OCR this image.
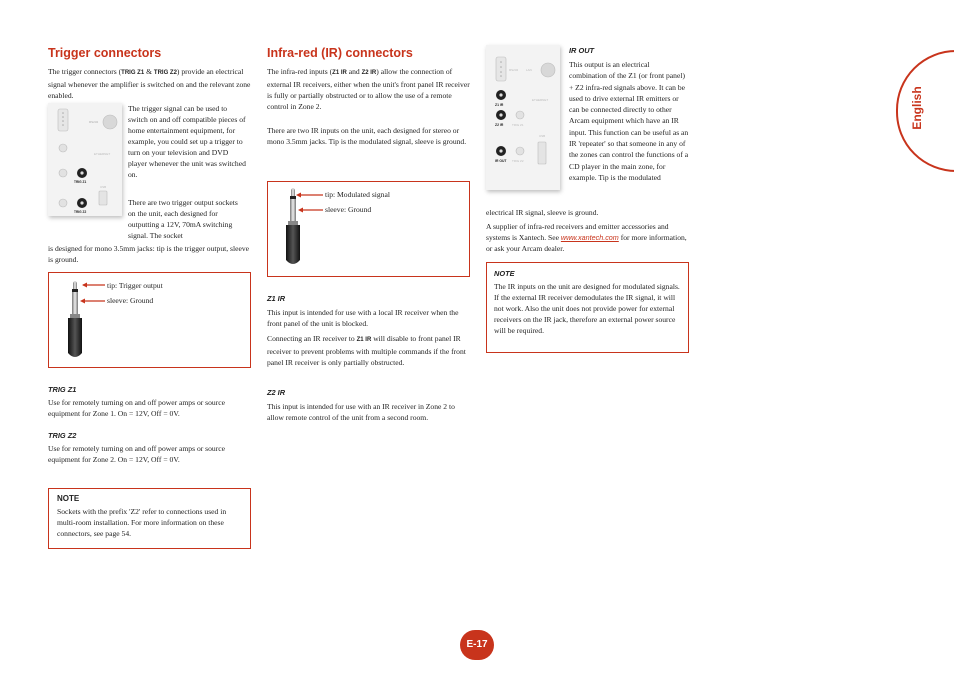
English
Trigger connectors

The trigger connectors (TRIG Z1 & TRIG Z2) provide an electrical signal whenever the amplifier is switched on and the relevant zone enabled.

RS232
ETHERNET
TRIG Z1
USB
TRIG Z2

The trigger signal can be used to switch on and off compatible pieces of home entertainment equipment, for example, you could set up a trigger to turn on your television and DVD player whenever the unit was switched on.

There are two trigger output sockets on the unit, each designed for outputting a 12V, 70mA switching signal. The socket

is designed for mono 3.5mm jacks: tip is the trigger output, sleeve is ground.

tip: Trigger output
sleeve: Ground

TRIG Z1

Use for remotely turning on and off power amps or source equipment for Zone 1. On = 12V, Off = 0V.

TRIG Z2

Use for remotely turning on and off power amps or source equipment for Zone 2. On = 12V, Off = 0V.

NOTE

Sockets with the prefix 'Z2' refer to connections used in multi-room installation. For more information on these connectors, see page 54.

Infra-red (IR) connectors

The infra-red inputs (Z1 IR and Z2 IR) allow the connection of external IR receivers, either when the unit's front panel IR receiver is fully or partially obstructed or to allow the use of a remote control in Zone 2.

There are two IR inputs on the unit, each designed for stereo or mono 3.5mm jacks. Tip is the modulated signal, sleeve is ground.

tip: Modulated signal
sleeve: Ground

Z1 IR

This input is intended for use with a local IR receiver when the front panel of the unit is blocked.

Connecting an IR receiver to Z1 IR will disable to front panel IR receiver to prevent problems with multiple commands if the front panel IR receiver is only partially obstructed.

Z2 IR

This input is intended for use with an IR receiver in Zone 2 to allow remote control of the unit from a second room.

RS232	LAN
Z1 IR
ETHERNET
Z2 IR	TRIG Z1
USB
IR OUT	TRIG Z2

IR OUT

This output is an electrical combination of the Z1 (or front panel) + Z2 infra-red signals above. It can be used to drive external IR emitters or can be connected directly to other Arcam equipment which have an IR input. This function can be useful as an IR 'repeater' so that someone in any of the zones can control the functions of a CD player in the main zone, for example. Tip is the modulated

electrical IR signal, sleeve is ground.

A supplier of infra-red receivers and emitter accessories and systems is Xantech. See www.xantech.com for more information, or ask your Arcam dealer.

NOTE

The IR inputs on the unit are designed for modulated signals. If the external IR receiver demodulates the IR signal, it will not work. Also the unit does not provide power for external receivers on the IR jack, therefore an external power source will be required.

E-17
